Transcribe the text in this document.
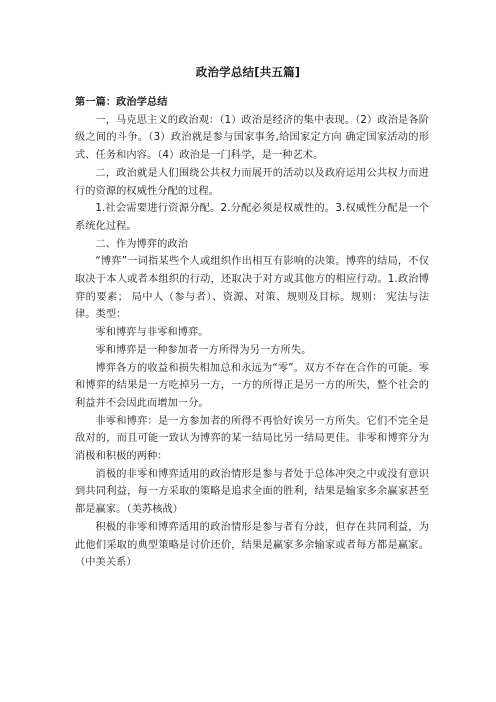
政治学总结[共五篇]

第一篇：政治学总结

一，马克思主义的政治观：（1）政治是经济的集中表现。（2）政治是各阶级之间的斗争。（3）政治就是参与国家事务,给国家定方向 确定国家活动的形式、任务和内容。（4）政治是一门科学，是一种艺术。

二，政治就是人们围绕公共权力而展开的活动以及政府运用公共权力而进行的资源的权威性分配的过程。

1.社会需要进行资源分配。2.分配必须是权威性的。3.权威性分配是一个系统化过程。

二、作为博弈的政治

“博弈”一词指某些个人或组织作出相互有影响的决策。博弈的结局，不仅取决于本人或者本组织的行动，还取决于对方或其他方的相应行动。1.政治博弈的要素； 局中人（参与者）、资源、对策、规则及目标。规则： 宪法与法律。类型：

零和博弈与非零和博弈。

零和博弈是一种参加者一方所得为另一方所失。

博弈各方的收益和损失相加总和永远为“零”。双方不存在合作的可能。零和博弈的结果是一方吃掉另一方，一方的所得正是另一方的所失，整个社会的利益并不会因此而增加一分。

非零和博弈：是一方参加者的所得不再恰好诶另一方所失。它们不完全是敌对的，而且可能一致认为博弈的某一结局比另一结局更佳。非零和博弈分为消极和积极的两种：

消极的非零和博弈适用的政治情形是参与者处于总体冲突之中或没有意识到共同利益，每一方采取的策略是追求全面的胜利，结果是输家多余赢家甚至都是赢家。（美苏核战）

积极的非零和博弈适用的政治情形是参与者有分歧，但存在共同利益，为此他们采取的典型策略是讨价还价，结果是赢家多余输家或者每方都是赢家。（中美关系）
